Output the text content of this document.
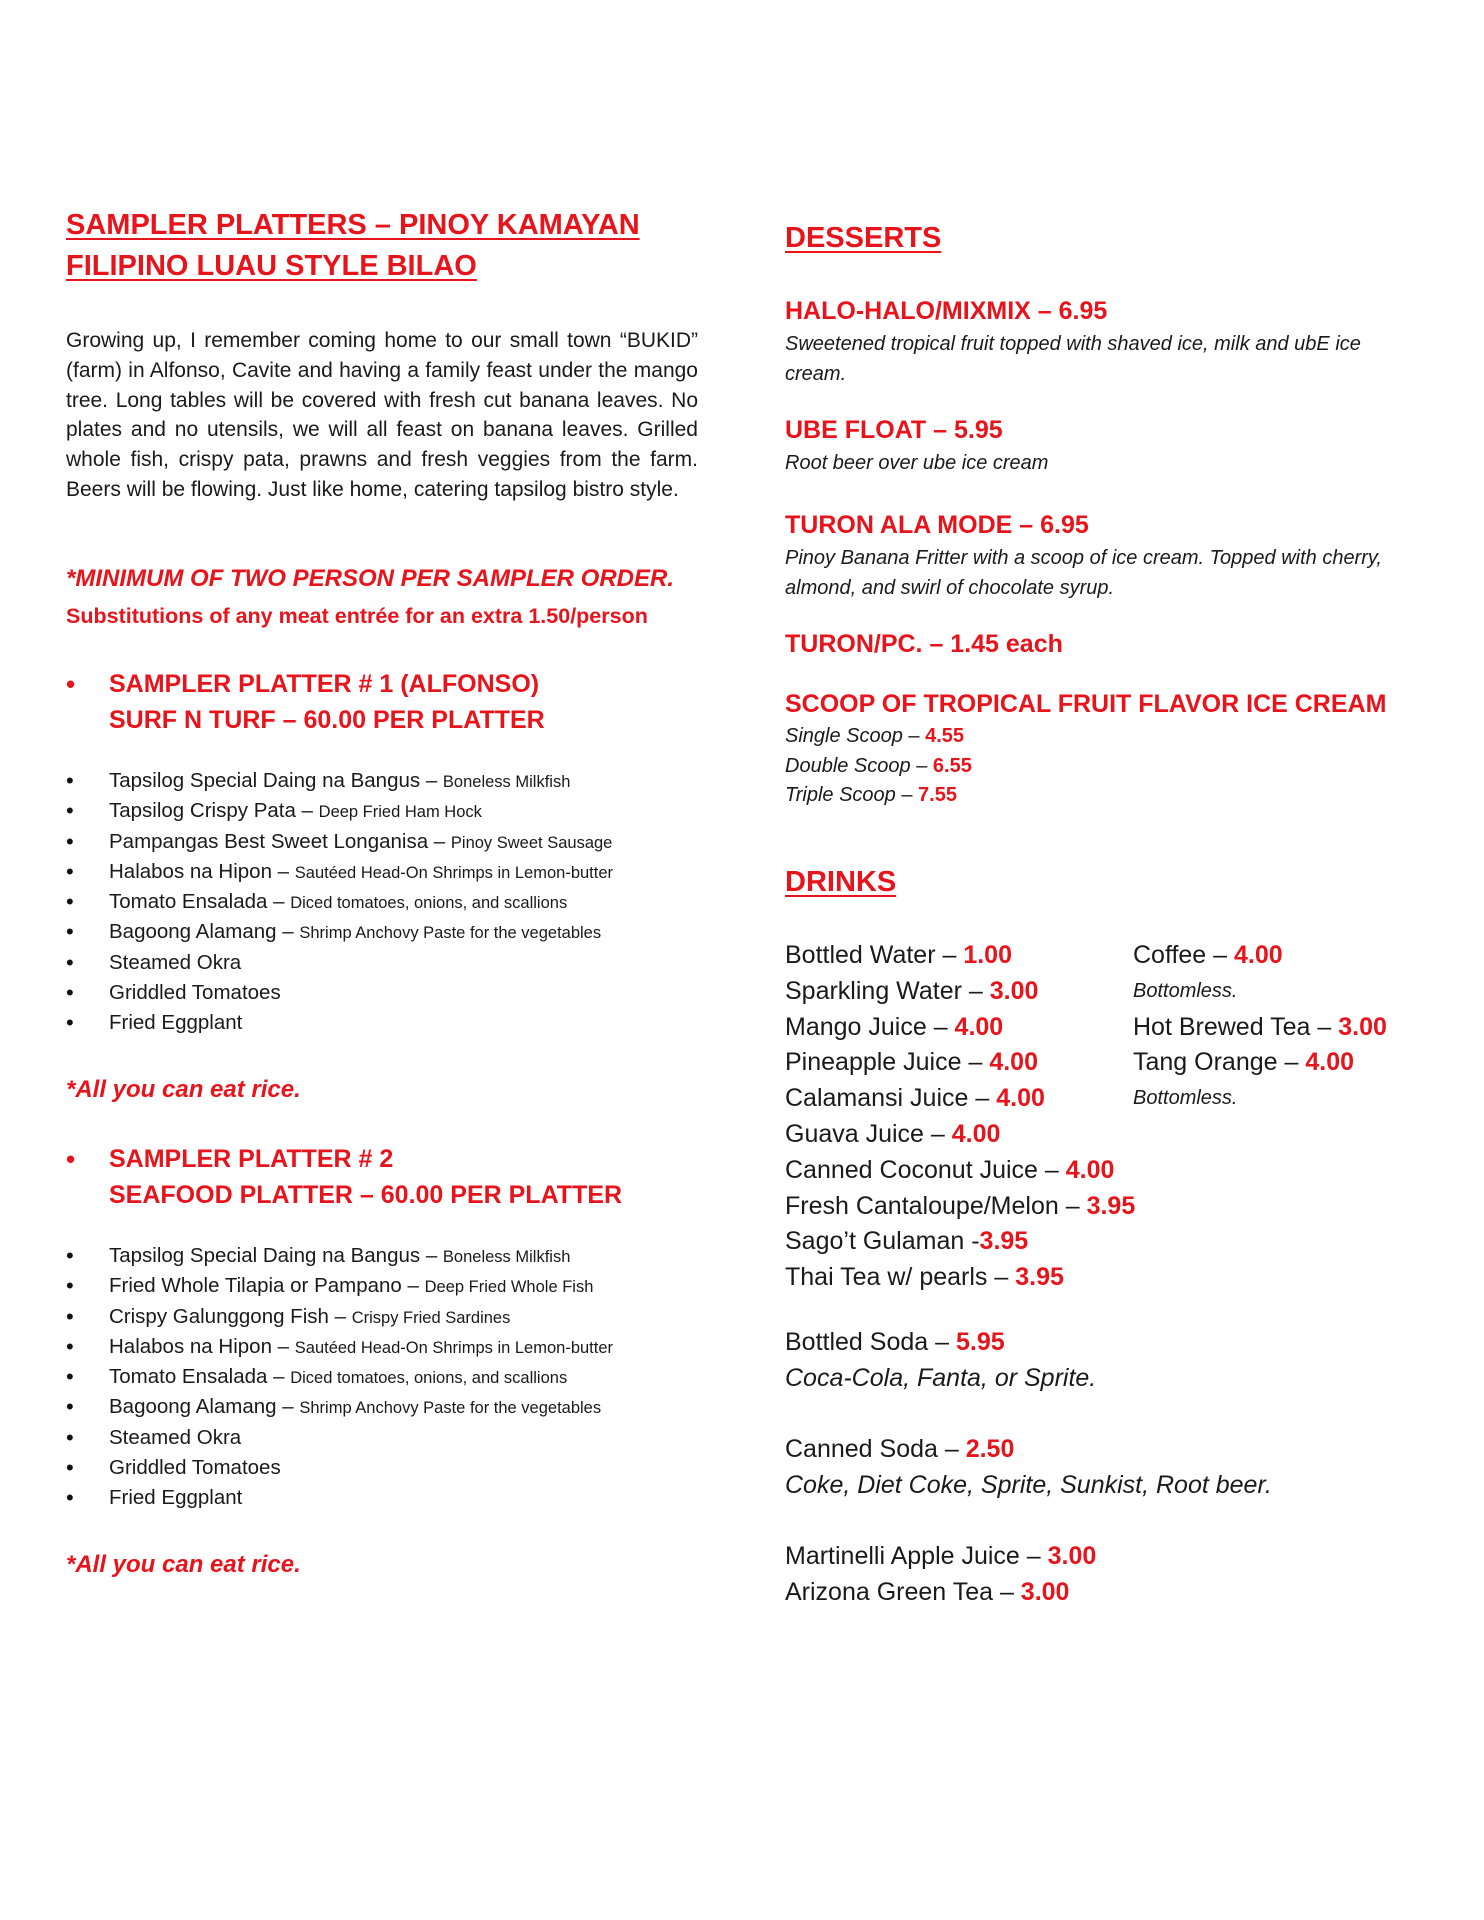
SAMPLER PLATTERS – PINOY KAMAYAN
FILIPINO LUAU STYLE BILAO

Growing up, I remember coming home to our small town “BUKID” (farm) in Alfonso, Cavite and having a family feast under the mango tree. Long tables will be covered with fresh cut banana leaves. No plates and no utensils, we will all feast on banana leaves. Grilled whole fish, crispy pata, prawns and fresh veggies from the farm. Beers will be flowing. Just like home, catering tapsilog bistro style.

*MINIMUM OF TWO PERSON PER SAMPLER ORDER.

Substitutions of any meat entrée for an extra 1.50/person

• SAMPLER PLATTER # 1 (ALFONSO)
SURF N TURF – 60.00 PER PLATTER
• Tapsilog Special Daing na Bangus – Boneless Milkfish
• Tapsilog Crispy Pata – Deep Fried Ham Hock
• Pampangas Best Sweet Longanisa – Pinoy Sweet Sausage
• Halabos na Hipon – Sautéed Head-On Shrimps in Lemon-butter
• Tomato Ensalada – Diced tomatoes, onions, and scallions
• Bagoong Alamang – Shrimp Anchovy Paste for the vegetables
• Steamed Okra
• Griddled Tomatoes
• Fried Eggplant

*All you can eat rice.

• SAMPLER PLATTER # 2
SEAFOOD PLATTER – 60.00 PER PLATTER
• Tapsilog Special Daing na Bangus – Boneless Milkfish
• Fried Whole Tilapia or Pampano – Deep Fried Whole Fish
• Crispy Galunggong Fish – Crispy Fried Sardines
• Halabos na Hipon – Sautéed Head-On Shrimps in Lemon-butter
• Tomato Ensalada – Diced tomatoes, onions, and scallions
• Bagoong Alamang – Shrimp Anchovy Paste for the vegetables
• Steamed Okra
• Griddled Tomatoes
• Fried Eggplant

*All you can eat rice.

DESSERTS

HALO-HALO/MIXMIX – 6.95

Sweetened tropical fruit topped with shaved ice, milk and ubE ice cream.

UBE FLOAT – 5.95

Root beer over ube ice cream

TURON ALA MODE – 6.95

Pinoy Banana Fritter with a scoop of ice cream. Topped with cherry, almond, and swirl of chocolate syrup.

TURON/PC. – 1.45 each

SCOOP OF TROPICAL FRUIT FLAVOR ICE CREAM

Single Scoop – 4.55
Double Scoop – 6.55
Triple Scoop – 7.55
DRINKS
Bottled Water – 1.00
Sparkling Water – 3.00
Mango Juice – 4.00
Pineapple Juice – 4.00
Calamansi Juice – 4.00
Guava Juice – 4.00
Canned Coconut Juice – 4.00
Fresh Cantaloupe/Melon – 3.95
Sago’t Gulaman -3.95
Thai Tea w/ pearls – 3.95
Coffee – 4.00
Bottomless.
Hot Brewed Tea – 3.00
Tang Orange – 4.00
Bottomless.
Bottled Soda – 5.95
Coca-Cola, Fanta, or Sprite.
Canned Soda – 2.50
Coke, Diet Coke, Sprite, Sunkist, Root beer.
Martinelli Apple Juice – 3.00
Arizona Green Tea – 3.00
